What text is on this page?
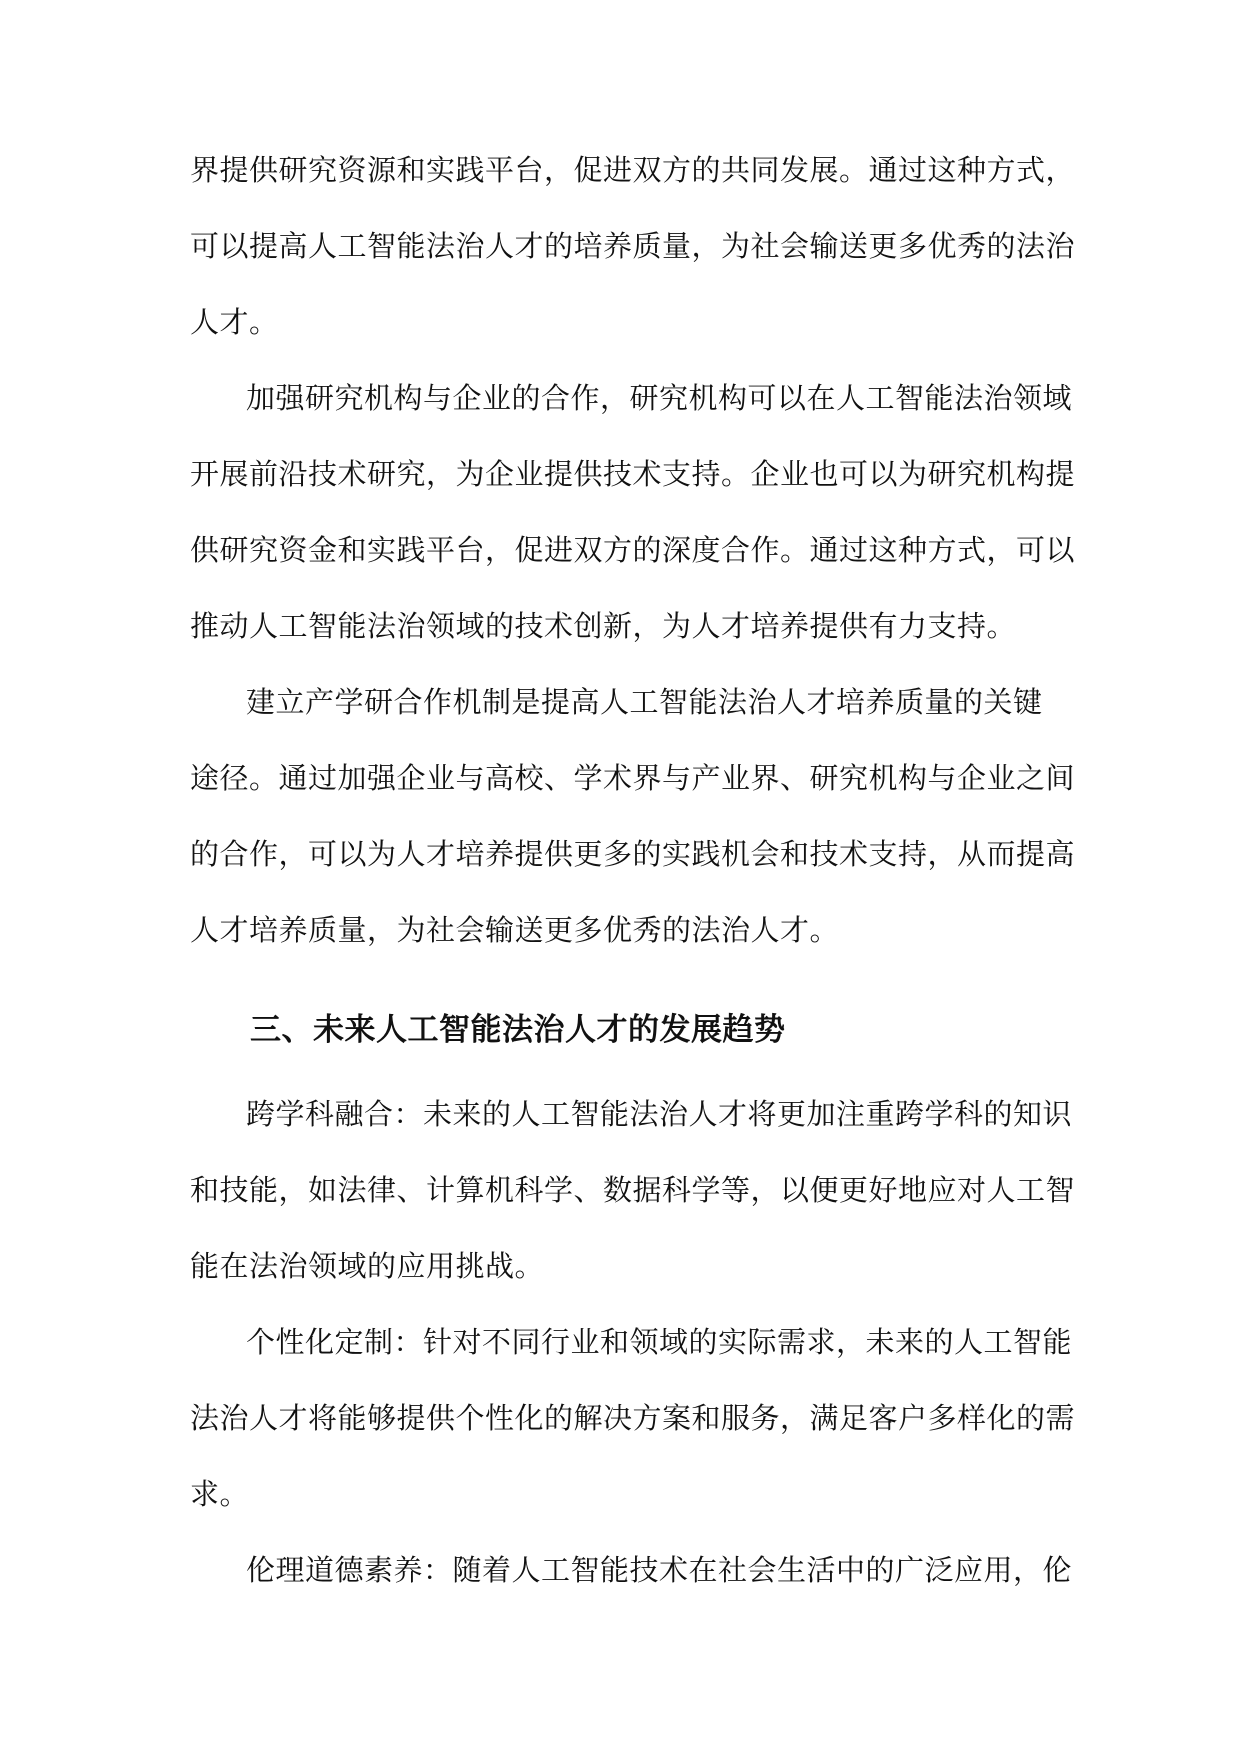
界提供研究资源和实践平台，促进双方的共同发展。通过这种方式，
可以提高人工智能法治人才的培养质量，为社会输送更多优秀的法治
人才。
加强研究机构与企业的合作，研究机构可以在人工智能法治领域
开展前沿技术研究，为企业提供技术支持。企业也可以为研究机构提
供研究资金和实践平台，促进双方的深度合作。通过这种方式，可以
推动人工智能法治领域的技术创新，为人才培养提供有力支持。
建立产学研合作机制是提高人工智能法治人才培养质量的关键
途径。通过加强企业与高校、学术界与产业界、研究机构与企业之间
的合作，可以为人才培养提供更多的实践机会和技术支持，从而提高
人才培养质量，为社会输送更多优秀的法治人才。
三、未来人工智能法治人才的发展趋势
跨学科融合：未来的人工智能法治人才将更加注重跨学科的知识
和技能，如法律、计算机科学、数据科学等，以便更好地应对人工智
能在法治领域的应用挑战。
个性化定制：针对不同行业和领域的实际需求，未来的人工智能
法治人才将能够提供个性化的解决方案和服务，满足客户多样化的需
求。
伦理道德素养：随着人工智能技术在社会生活中的广泛应用，伦
